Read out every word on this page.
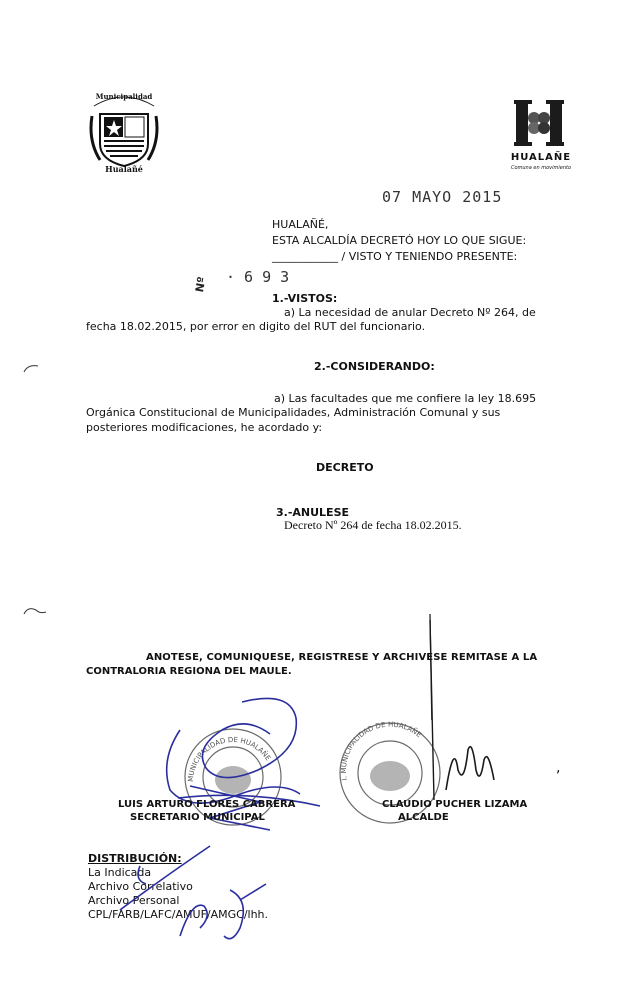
Municipalidad
Hualañé
HUALAÑE
Comuna en movimiento
07 MAYO 2015
HUALAÑÉ,
ESTA ALCALDÍA DECRETÓ HOY LO QUE SIGUE:
____________ / VISTO Y TENIENDO PRESENTE:
Nº · 6 9 3
1.-VISTOS:
a) La necesidad de anular Decreto Nº 264, de
fecha 18.02.2015, por error en digito del RUT del funcionario.
2.-CONSIDERANDO:
a) Las facultades que me confiere la ley 18.695
Orgánica Constitucional de Municipalidades, Administración Comunal y sus
posteriores modificaciones, he acordado y:
DECRETO
3.-ANULESE
Decreto Nº 264 de fecha 18.02.2015.
ANOTESE, COMUNIQUESE, REGISTRESE Y ARCHIVESE REMITASE A LA
CONTRALORIA REGIONA DEL MAULE.
MUNICIPALIDAD DE HUALAÑE
I. MUNICIPALIDAD DE HUALAÑE
,
LUIS ARTURO FLORES CABRERA
SECRETARIO MUNICIPAL
CLAUDIO PUCHER LIZAMA
ALCALDE
DISTRIBUCIÓN:
La Indicada
Archivo Correlativo
Archivo Personal
CPL/FARB/LAFC/AMUF/AMGC/lhh.
